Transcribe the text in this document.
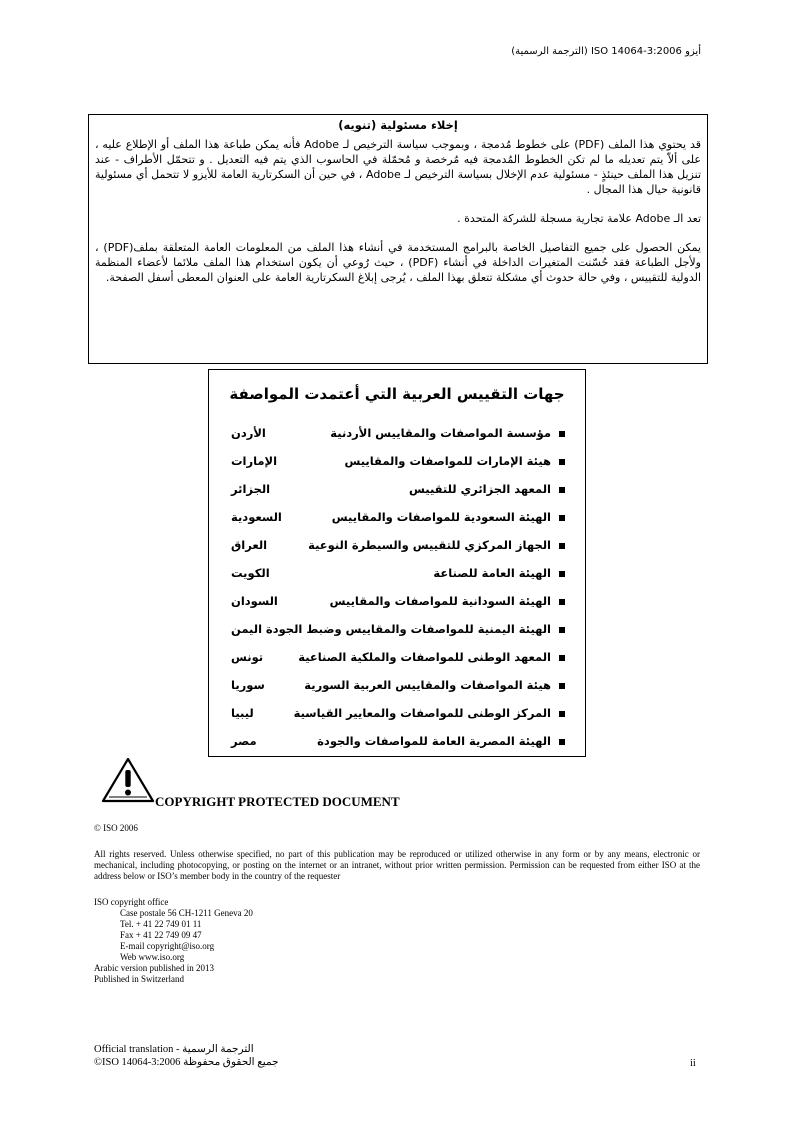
أيزو ISO 14064-3:2006 (الترجمة الرسمية)
إخلاء مسئولية (تنويه)

قد يحتوي هذا الملف (PDF) على خطوط مُدمجة ، وبموجب سياسة الترخيص لـ Adobe فأنه يمكن طباعة هذا الملف أو الإطلاع عليه ، على ألاّ يتم تعديله ما لم تكن الخطوط المُدمجة فيه مُرخصة و مُحمّلة في الحاسوب الذي يتم فيه التعديل . و تتحمّل الأطراف - عند تنزيل هذا الملف حينئذٍ - مسئولية عدم الإخلال بسياسة الترخيص لـ Adobe ، في حين أن السكرتارية العامة للأيزو لا تتحمل أي مسئولية قانونية حيال هذا المجال .

تعد الـ Adobe علامة تجارية مسجلة للشركة المتحدة .

يمكن الحصول على جميع التفاصيل الخاصة بالبرامج المستخدمة في أنشاء هذا الملف من المعلومات العامة المتعلقة بملف(PDF) ، ولأجل الطباعة فقد حُسّنت المتغيرات الداخلة في أنشاء (PDF) ، حيث رُوعي أن يكون استخدام هذا الملف ملائما لأعضاء المنظمة الدولية للتقييس ، وفي حالة حدوث أي مشكلة تتعلق بهذا الملف ، يُرجى إبلاغ السكرتارية العامة على العنوان المعطى أسفل الصفحة.

جهات التقييس العربية التي أعتمدت المواصفة
مؤسسة المواصفات والمقاييس الأردنية
الأردن
هيئة الإمارات للمواصفات والمقاييس
الإمارات
المعهد الجزائري للتقييس
الجزائر
الهيئة السعودية للمواصفات والمقاييس
السعودية
الجهاز المركزي للتقييس والسيطرة النوعية
العراق
الهيئة العامة للصناعة
الكويت
الهيئة السودانية للمواصفات والمقاييس
السودان
الهيئة اليمنية للمواصفات والمقاييس وضبط الجودة
اليمن
المعهد الوطنى للمواصفات والملكية الصناعية
تونس
هيئة المواصفات والمقاييس العربية السورية
سوريا
المركز الوطنى للمواصفات والمعايير القياسية
ليبيا
الهيئة المصرية العامة للمواصفات والجودة
مصر
COPYRIGHT PROTECTED DOCUMENT
© ISO 2006
All rights reserved. Unless otherwise specified, no part of this publication may be reproduced or utilized otherwise in any form or by any means, electronic or mechanical, including photocopying, or posting on the internet or an intranet, without prior written permission. Permission can be requested from either ISO at the address below or ISO’s member body in the country of the requester
ISO copyright office
Case postale 56 CH-1211 Geneva 20
Tel. + 41 22 749 01 11
Fax + 41 22 749 09 47
E-mail copyright@iso.org
Web www.iso.org
Arabic version published in 2013
Published in Switzerland
Official translation - الترجمة الرسمية
©ISO 14064-3:2006 جميع الحقوق محفوظة	ii
